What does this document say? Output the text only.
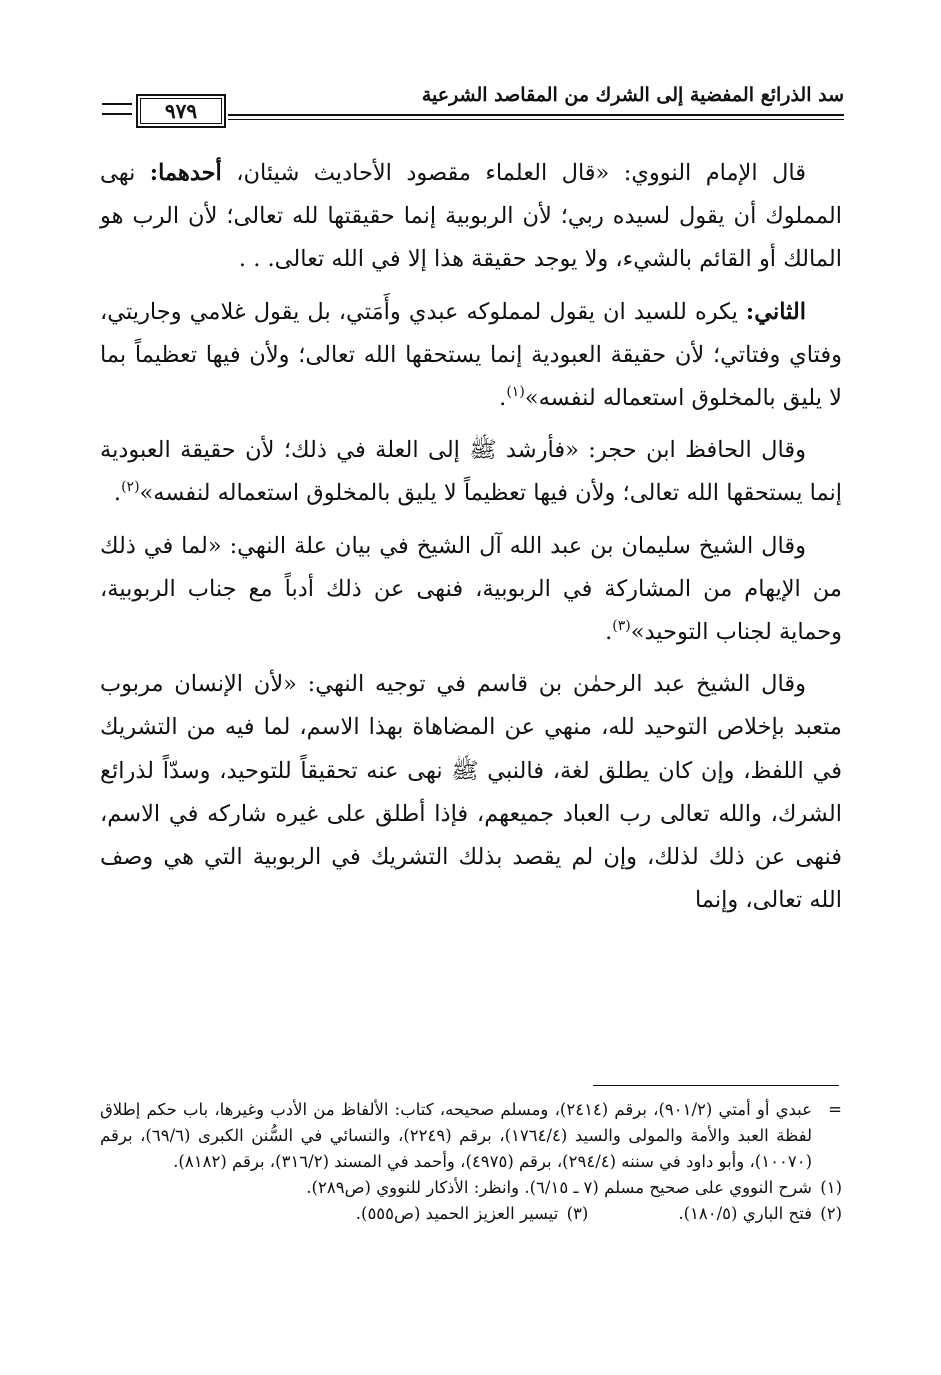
سد الذرائع المفضية إلى الشرك من المقاصد الشرعية
٩٧٩

قال الإمام النووي: «قال العلماء مقصود الأحاديث شيئان، أحدهما: نهى المملوك أن يقول لسيده ربي؛ لأن الربوبية إنما حقيقتها لله تعالى؛ لأن الرب هو المالك أو القائم بالشيء، ولا يوجد حقيقة هذا إلا في الله تعالى. . .

الثاني: يكره للسيد ان يقول لمملوكه عبدي وأَمَتي، بل يقول غلامي وجاريتي، وفتاي وفتاتي؛ لأن حقيقة العبودية إنما يستحقها الله تعالى؛ ولأن فيها تعظيماً بما لا يليق بالمخلوق استعماله لنفسه»$^{(١)}$.

وقال الحافظ ابن حجر: «فأرشد ﷺ إلى العلة في ذلك؛ لأن حقيقة العبودية إنما يستحقها الله تعالى؛ ولأن فيها تعظيماً لا يليق بالمخلوق استعماله لنفسه»$^{(٢)}$.

وقال الشيخ سليمان بن عبد الله آل الشيخ في بيان علة النهي: «لما في ذلك من الإيهام من المشاركة في الربوبية، فنهى عن ذلك أدباً مع جناب الربوبية، وحماية لجناب التوحيد»$^{(٣)}$.

وقال الشيخ عبد الرحمٰن بن قاسم في توجيه النهي: «لأن الإنسان مربوب متعبد بإخلاص التوحيد لله، منهي عن المضاهاة بهذا الاسم، لما فيه من التشريك في اللفظ، وإن كان يطلق لغة، فالنبي ﷺ نهى عنه تحقيقاً للتوحيد، وسدّاً لذرائع الشرك، والله تعالى رب العباد جميعهم، فإذا أطلق على غيره شاركه في الاسم، فنهى عن ذلك لذلك، وإن لم يقصد بذلك التشريك في الربوبية التي هي وصف الله تعالى، وإنما

=
عبدي أو أمتي (٩٠١/٢)، برقم (٢٤١٤)، ومسلم صحيحه، كتاب: الألفاظ من الأدب وغيرها، باب حكم إطلاق لفظة العبد والأمة والمولى والسيد (١٧٦٤/٤)، برقم (٢٢٤٩)، والنسائي في السُّنن الكبرى (٦٩/٦)، برقم (١٠٠٧٠)، وأبو داود في سننه (٢٩٤/٤)، برقم (٤٩٧٥)، وأحمد في المسند (٣١٦/٢)، برقم (٨١٨٢).
(١)
شرح النووي على صحيح مسلم (٧ ـ ٦/١٥). وانظر: الأذكار للنووي (ص٢٨٩).
(٢)
فتح الباري (١٨٠/٥).
(٣)
تيسير العزيز الحميد (ص٥٥٥).
